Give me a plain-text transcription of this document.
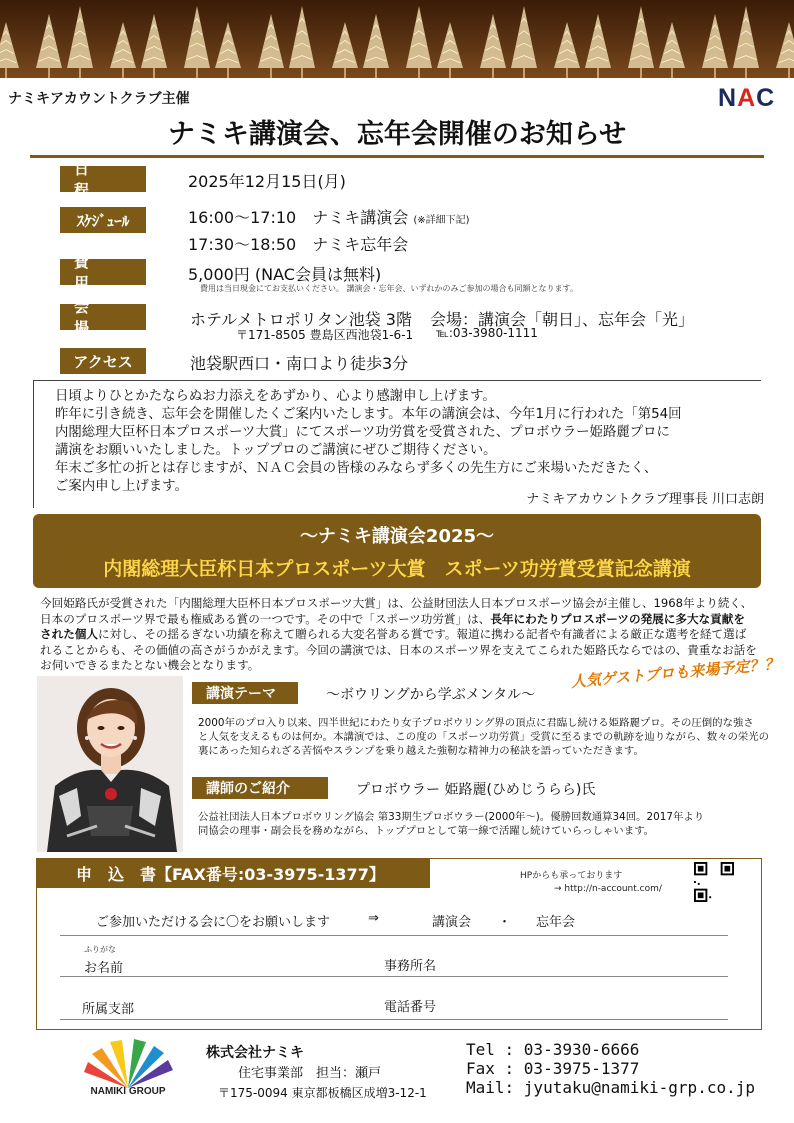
ナミキアカウントクラブ主催	NAC
ナミキ講演会、忘年会開催のお知らせ
日　程	2025年12月15日(月)
ｽｹｼﾞｭｰﾙ	16:00～17:10　ナミキ講演会 (※詳細下記)
17:30～18:50　ナミキ忘年会
費　用	5,000円 (NAC会員は無料)
費用は当日現金にてお支払いください。 講演会・忘年会、いずれかのみご参加の場合も同額となります。
会　場	ホテルメトロポリタン池袋 3階 会場：講演会「朝日」、忘年会「光」
〒171-8505 豊島区西池袋1-6-1 ℡:03-3980-1111
アクセス	池袋駅西口・南口より徒歩3分
日頃よりひとかたならぬお力添えをあずかり、心より感謝申し上げます。
昨年に引き続き、忘年会を開催したくご案内いたします。本年の講演会は、今年1月に行われた「第54回
内閣総理大臣杯日本プロスポーツ大賞」にてスポーツ功労賞を受賞された、プロボウラー姫路麗プロに
講演をお願いいたしました。トッププロのご講演にぜひご期待ください。
年末ご多忙の折とは存じますが、ＮＡＣ会員の皆様のみならず多くの先生方にご来場いただきたく、
ご案内申し上げます。
ナミキアカウントクラブ理事長 川口志朗
～ナミキ講演会2025～
内閣総理大臣杯日本プロスポーツ大賞　スポーツ功労賞受賞記念講演
今回姫路氏が受賞された「内閣総理大臣杯日本プロスポーツ大賞」は、公益財団法人日本プロスポーツ協会が主催し、1968年より続く、
日本のプロスポーツ界で最も権威ある賞の一つです。その中で「スポーツ功労賞」は、長年にわたりプロスポーツの発展に多大な貢献を
された個人に対し、その揺るぎない功績を称えて贈られる大変名誉ある賞です。報道に携わる記者や有識者による厳正な選考を経て選ば
れることからも、その価値の高さがうかがえます。今回の講演では、日本のスポーツ界を支えてこられた姫路氏ならではの、貴重なお話を
お伺いできるまたとない機会となります。
講演テーマ	～ボウリングから学ぶメンタル～
人気ゲストプロも来場予定？？
2000年のプロ入り以来、四半世紀にわたり女子プロボウリング界の頂点に君臨し続ける姫路麗プロ。その圧倒的な強さ
と人気を支えるものは何か。本講演では、この度の「スポーツ功労賞」受賞に至るまでの軌跡を辿りながら、数々の栄光の
裏にあった知られざる苦悩やスランプを乗り越えた強靭な精神力の秘訣を語っていただきます。
講師のご紹介	プロボウラー 姫路麗(ひめじうらら)氏
公益社団法人日本プロボウリング協会 第33期生プロボウラー(2000年～)。優勝回数通算34回。2017年より
同協会の理事・副会長を務めながら、トッププロとして第一線で活躍し続けていらっしゃいます。
申　込　書【FAX番号:03-3975-1377】	HPからも承っております
→ http://n-account.com/
ご参加いただける会に〇をお願いします	⇒	講演会 ・ 忘年会
ふりがな
お名前	事務所名
所属支部	電話番号
NAMIKI GROUP
株式会社ナミキ
住宅事業部　担当：瀬戸
〒175-0094 東京都板橋区成増3-12-1
Tel : 03-3930-6666
Fax : 03-3975-1377
Mail: jyutaku@namiki-grp.co.jp
